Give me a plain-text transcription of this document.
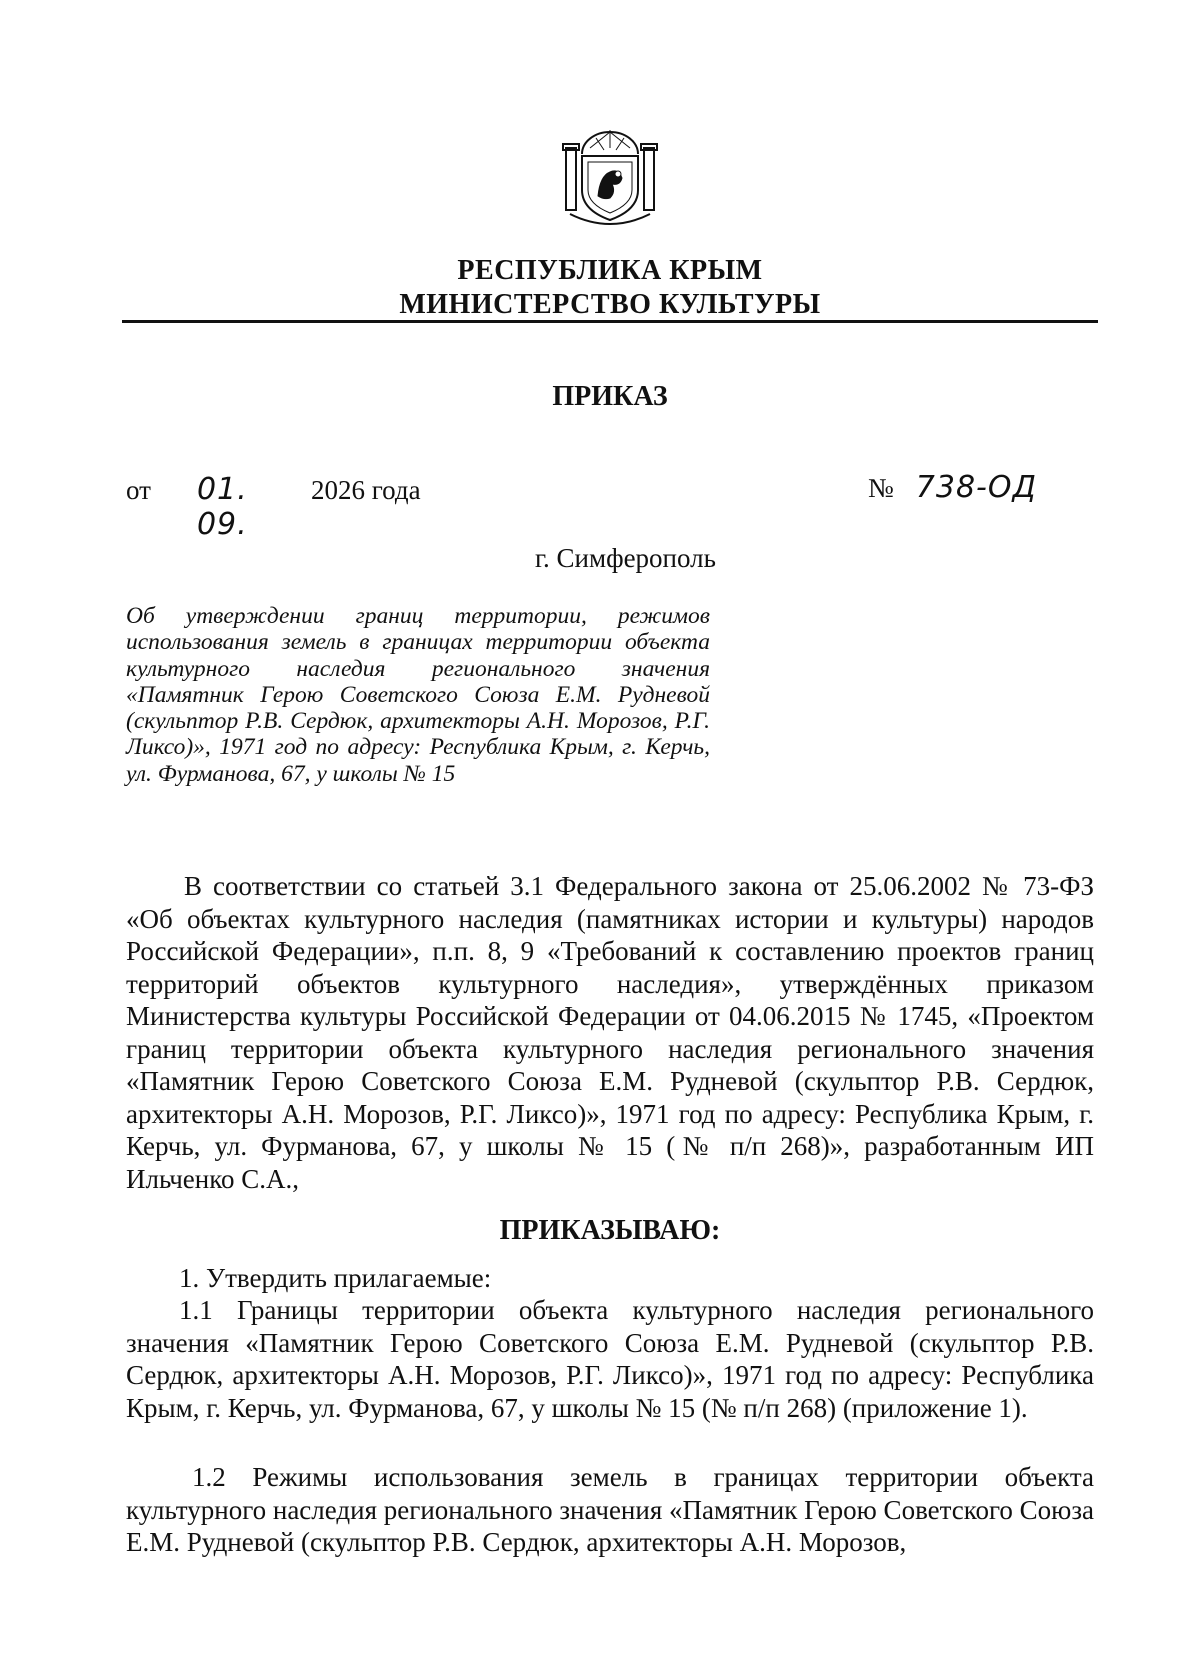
РЕСПУБЛИКА КРЫМ
МИНИСТЕРСТВО КУЛЬТУРЫ
ПРИКАЗ
от 01. 09.
2026 года	№ 738-ОД
г. Симферополь
Об утверждении границ территории, режимов использования земель в границах территории объекта культурного наследия регионального значения «Памятник Герою Советского Союза Е.М. Рудневой (скульптор Р.В. Сердюк, архитекторы А.Н. Морозов, Р.Г. Ликсо)», 1971 год по адресу: Республика Крым, г. Керчь, ул. Фурманова, 67, у школы № 15
В соответствии со статьей 3.1 Федерального закона от 25.06.2002 № 73-ФЗ «Об объектах культурного наследия (памятниках истории и культуры) народов Российской Федерации», п.п. 8, 9 «Требований к составлению проектов границ территорий объектов культурного наследия», утверждённых приказом Министерства культуры Российской Федерации от 04.06.2015 № 1745, «Проектом границ территории объекта культурного наследия регионального значения «Памятник Герою Советского Союза Е.М. Рудневой (скульптор Р.В. Сердюк, архитекторы А.Н. Морозов, Р.Г. Ликсо)», 1971 год по адресу: Республика Крым, г. Керчь, ул. Фурманова, 67, у школы № 15 (№ п/п 268)», разработанным ИП Ильченко С.А.,
ПРИКАЗЫВАЮ:
1. Утвердить прилагаемые:
1.1 Границы территории объекта культурного наследия регионального значения «Памятник Герою Советского Союза Е.М. Рудневой (скульптор Р.В. Сердюк, архитекторы А.Н. Морозов, Р.Г. Ликсо)», 1971 год по адресу: Республика Крым, г. Керчь, ул. Фурманова, 67, у школы № 15 (№ п/п 268) (приложение 1).
1.2 Режимы использования земель в границах территории объекта культурного наследия регионального значения «Памятник Герою Советского Союза Е.М. Рудневой (скульптор Р.В. Сердюк, архитекторы А.Н. Морозов,
